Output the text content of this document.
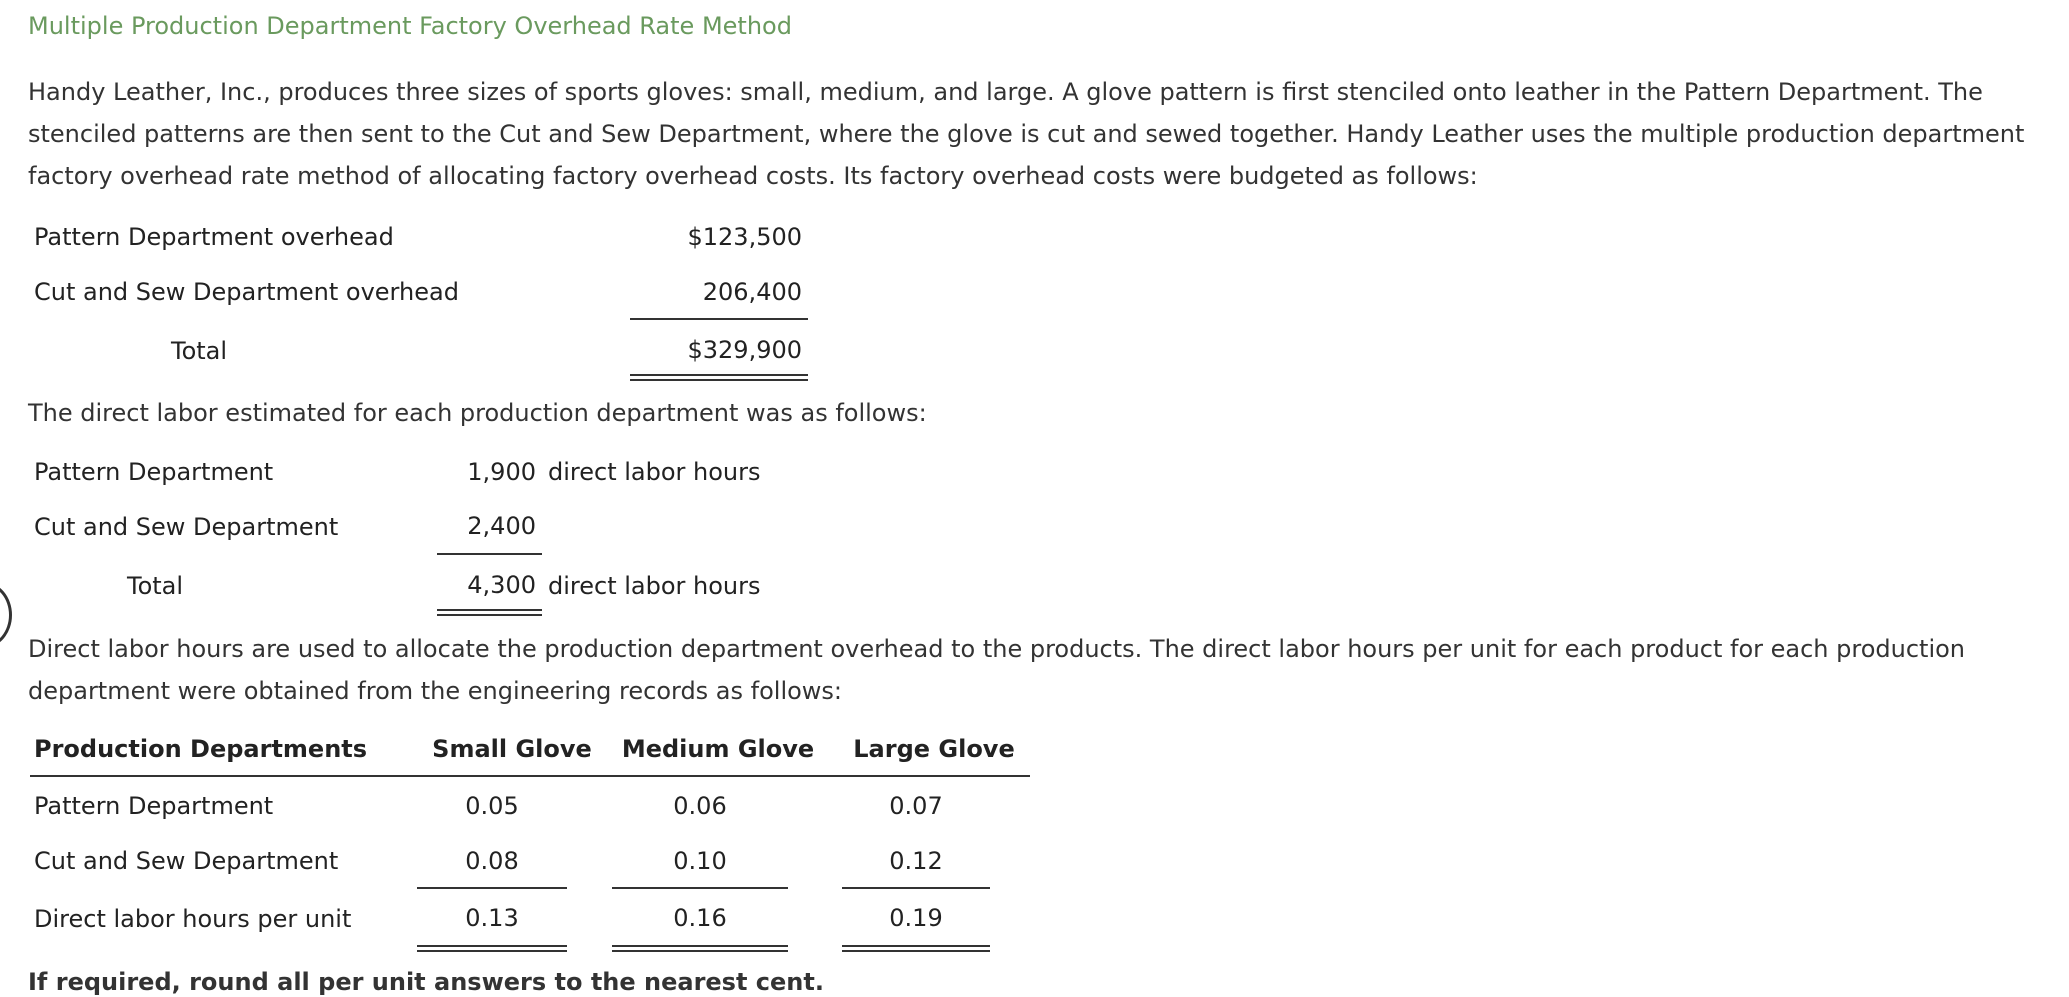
Multiple Production Department Factory Overhead Rate Method
Handy Leather, Inc., produces three sizes of sports gloves: small, medium, and large. A glove pattern is first stenciled onto leather in the Pattern Department. The
stenciled patterns are then sent to the Cut and Sew Department, where the glove is cut and sewed together. Handy Leather uses the multiple production department
factory overhead rate method of allocating factory overhead costs. Its factory overhead costs were budgeted as follows:
Pattern Department overhead	$123,500
Cut and Sew Department overhead	206,400
Total	$329,900
The direct labor estimated for each production department was as follows:
Pattern Department	1,900 direct labor hours
Cut and Sew Department	2,400
Total	4,300 direct labor hours
Direct labor hours are used to allocate the production department overhead to the products. The direct labor hours per unit for each product for each production
department were obtained from the engineering records as follows:
Production Departments	Small Glove	Medium Glove	Large Glove
Pattern Department	0.05	0.06	0.07
Cut and Sew Department	0.08	0.10	0.12
Direct labor hours per unit	0.13	0.16	0.19
If required, round all per unit answers to the nearest cent.
